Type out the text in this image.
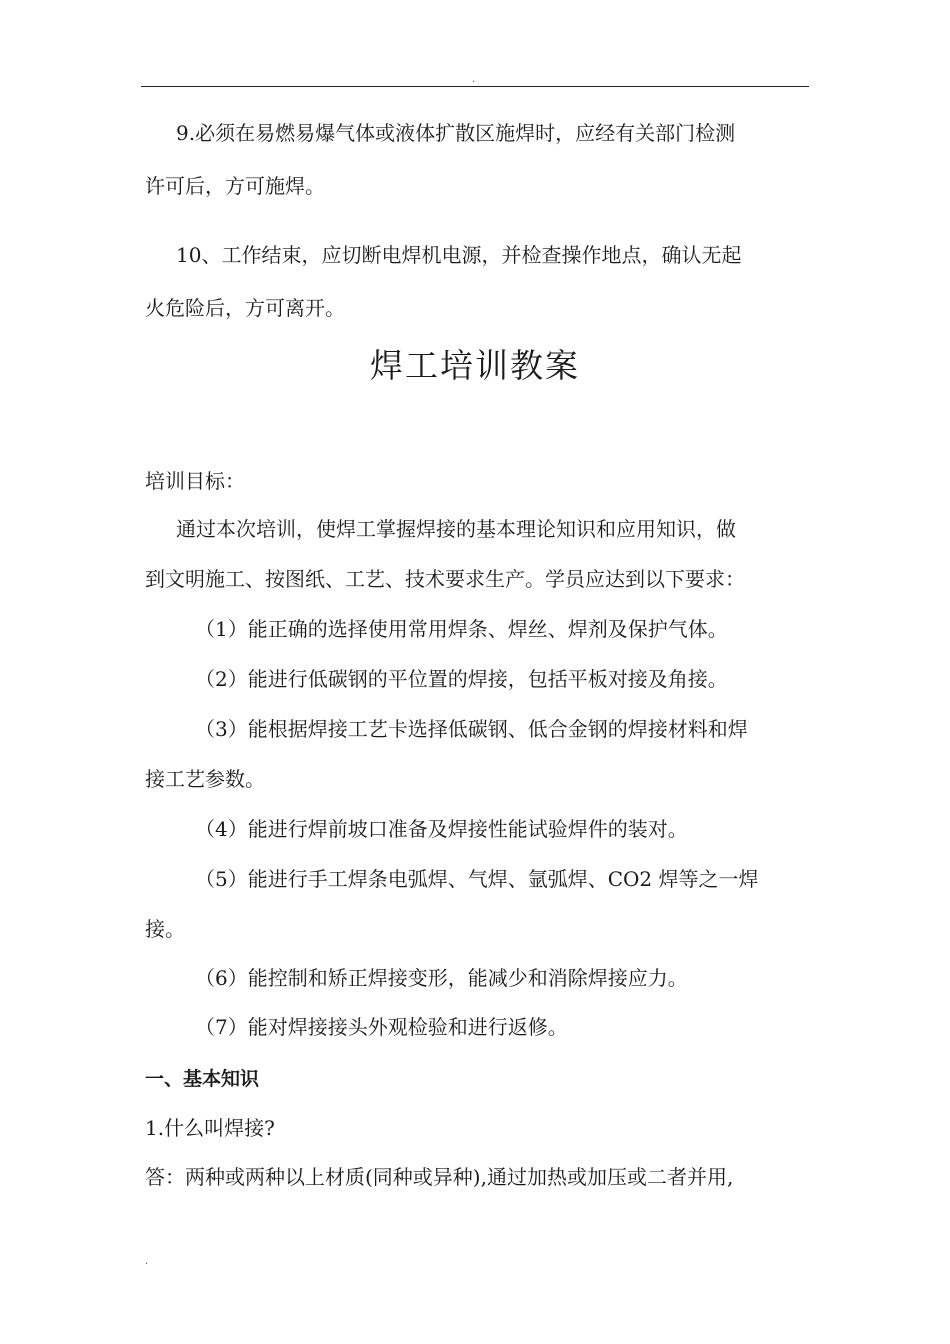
.
9.必须在易燃易爆气体或液体扩散区施焊时，应经有关部门检测
许可后，方可施焊。
10、工作结束，应切断电焊机电源，并检查操作地点，确认无起
火危险后，方可离开。
焊工培训教案
培训目标：
通过本次培训，使焊工掌握焊接的基本理论知识和应用知识，做
到文明施工、按图纸、工艺、技术要求生产。学员应达到以下要求：
（1）能正确的选择使用常用焊条、焊丝、焊剂及保护气体。
（2）能进行低碳钢的平位置的焊接，包括平板对接及角接。
（3）能根据焊接工艺卡选择低碳钢、低合金钢的焊接材料和焊
接工艺参数。
（4）能进行焊前坡口准备及焊接性能试验焊件的装对。
（5）能进行手工焊条电弧焊、气焊、氩弧焊、CO2 焊等之一焊
接。
（6）能控制和矫正焊接变形，能减少和消除焊接应力。
（7）能对焊接接头外观检验和进行返修。
一、基本知识
1.什么叫焊接?
答：两种或两种以上材质(同种或异种),通过加热或加压或二者并用,
.
